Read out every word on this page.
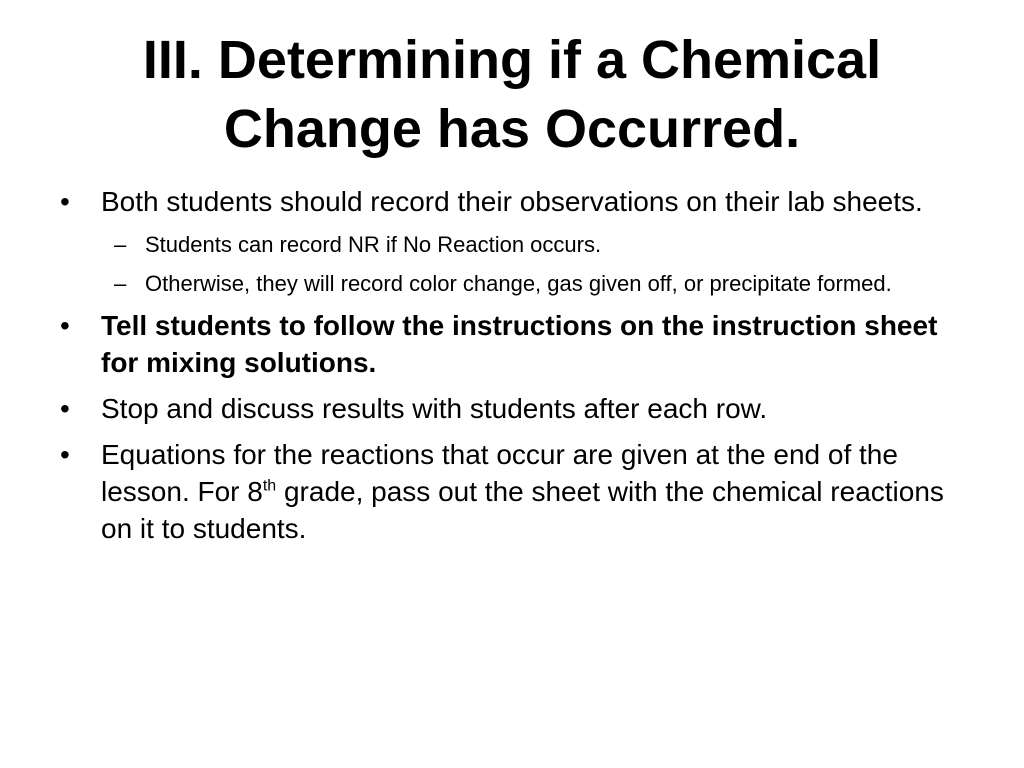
III. Determining if a Chemical
Change has Occurred.
•	Both students should record their observations on their lab sheets.
– Students can record NR if No Reaction occurs.
– Otherwise, they will record color change, gas given off, or precipitate formed.
•	Tell students to follow the instructions on the instruction sheet for mixing solutions.
•	Stop and discuss results with students after each row.
•	Equations for the reactions that occur are given at the end of the lesson. For 8th grade, pass out the sheet with the chemical reactions on it to students.
